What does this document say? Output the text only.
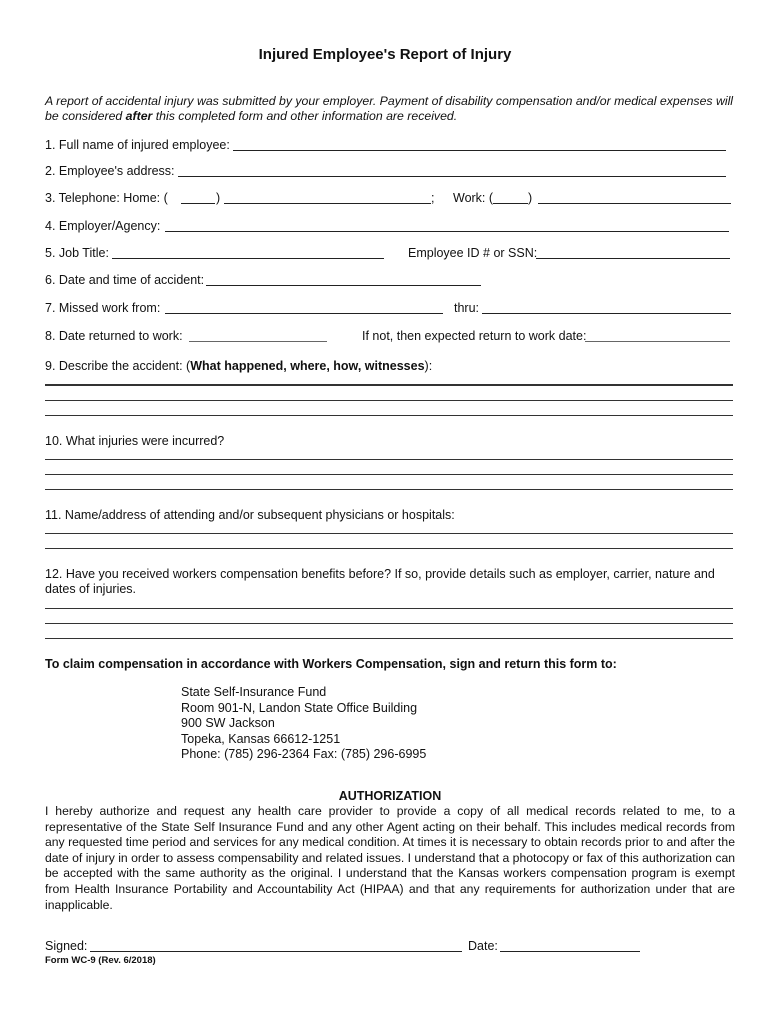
Injured Employee's Report of Injury
A report of accidental injury was submitted by your employer. Payment of disability compensation and/or medical expenses will be considered after this completed form and other information are received.
1. Full name of injured employee:
2. Employee's address:
3. Telephone: Home: (	)	; Work: (	)
4. Employer/Agency:
5. Job Title:	Employee ID # or SSN:
6. Date and time of accident:
7. Missed work from:	thru:
8. Date returned to work:	If not, then expected return to work date:
9. Describe the accident: (What happened, where, how, witnesses):
10. What injuries were incurred?
11. Name/address of attending and/or subsequent physicians or hospitals:
12. Have you received workers compensation benefits before? If so, provide details such as employer, carrier, nature and dates of injuries.
To claim compensation in accordance with Workers Compensation, sign and return this form to:
State Self-Insurance Fund
Room 901-N, Landon State Office Building
900 SW Jackson
Topeka, Kansas 66612-1251
Phone: (785) 296-2364 Fax: (785) 296-6995
AUTHORIZATION
I hereby authorize and request any health care provider to provide a copy of all medical records related to me, to a representative of the State Self Insurance Fund and any other Agent acting on their behalf. This includes medical records from any requested time period and services for any medical condition. At times it is necessary to obtain records prior to and after the date of injury in order to assess compensability and related issues. I understand that a photocopy or fax of this authorization can be accepted with the same authority as the original. I understand that the Kansas workers compensation program is exempt from Health Insurance Portability and Accountability Act (HIPAA) and that any requirements for authorization under that are inapplicable.
Signed:	Date:
Form WC-9 (Rev. 6/2018)
